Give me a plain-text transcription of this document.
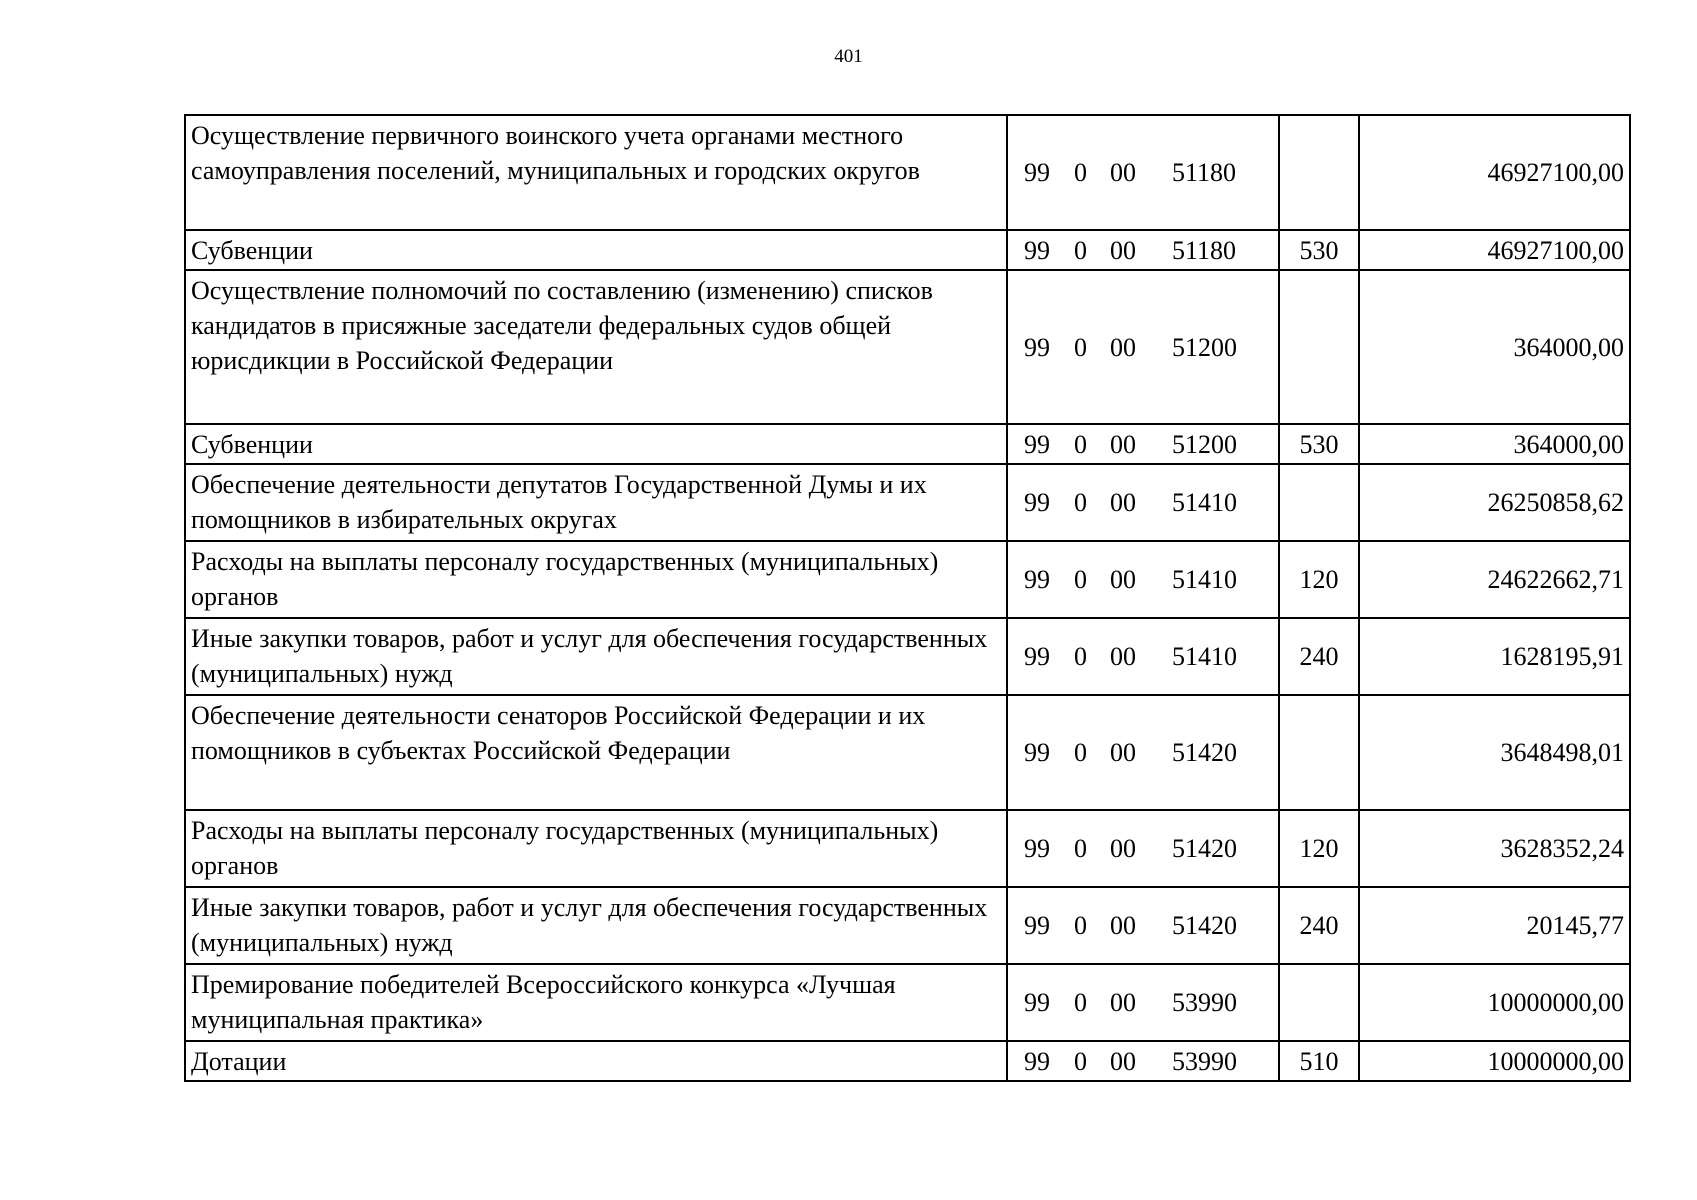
401
Осуществление первичного воинского учета органами местного самоуправления поселений, муниципальных и городских округов	99 0 00 51180		46927100,00
Субвенции	99 0 00 51180	530	46927100,00
Осуществление полномочий по составлению (изменению) списков кандидатов в присяжные заседатели федеральных судов общей юрисдикции в Российской Федерации	99 0 00 51200		364000,00
Субвенции	99 0 00 51200	530	364000,00
Обеспечение деятельности депутатов Государственной Думы и их помощников в избирательных округах	99 0 00 51410		26250858,62
Расходы на выплаты персоналу государственных (муниципальных) органов	99 0 00 51410	120	24622662,71
Иные закупки товаров, работ и услуг для обеспечения государственных (муниципальных) нужд	99 0 00 51410	240	1628195,91
Обеспечение деятельности сенаторов Российской Федерации и их помощников в субъектах Российской Федерации	99 0 00 51420		3648498,01
Расходы на выплаты персоналу государственных (муниципальных) органов	99 0 00 51420	120	3628352,24
Иные закупки товаров, работ и услуг для обеспечения государственных (муниципальных) нужд	99 0 00 51420	240	20145,77
Премирование победителей Всероссийского конкурса «Лучшая муниципальная практика»	99 0 00 53990		10000000,00
Дотации	99 0 00 53990	510	10000000,00
